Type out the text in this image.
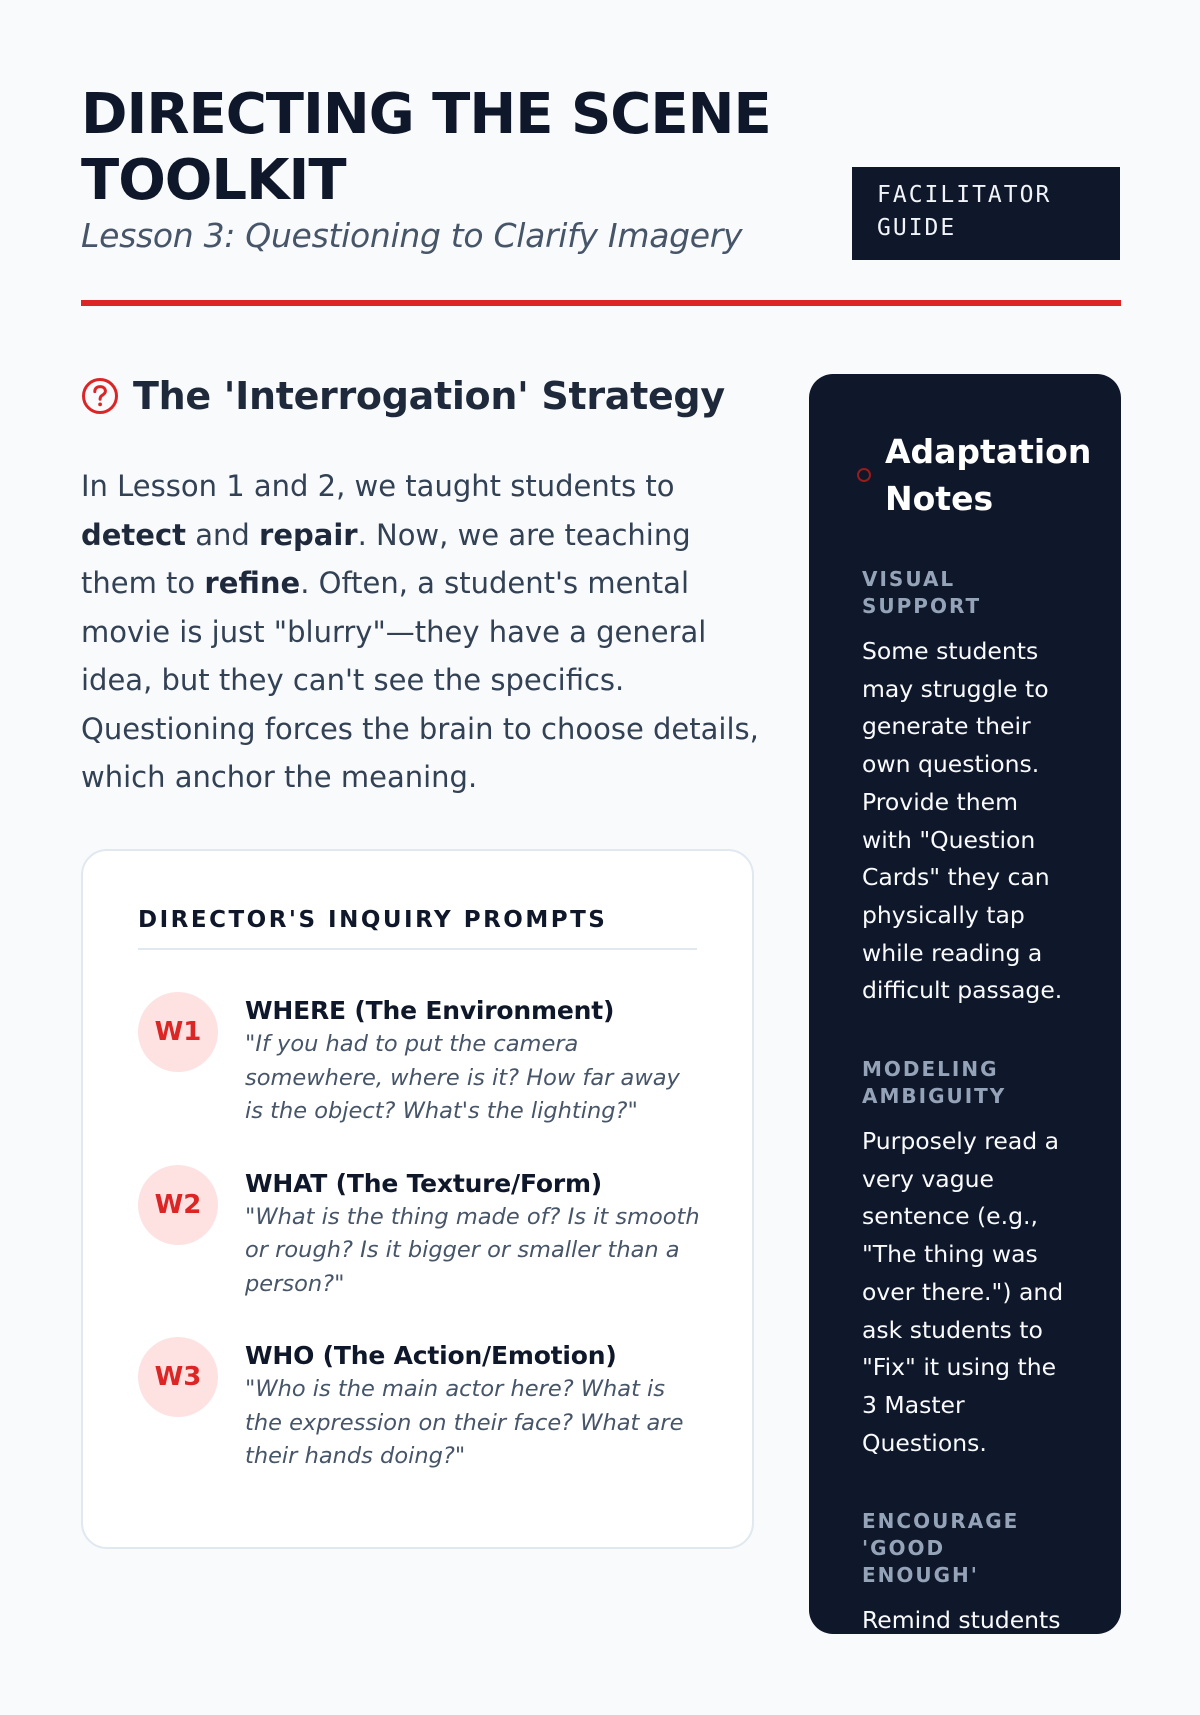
DIRECTING THE SCENE TOOLKIT
Lesson 3: Questioning to Clarify Imagery
FACILITATOR GUIDE
The 'Interrogation' Strategy

In Lesson 1 and 2, we taught students to detect and repair. Now, we are teaching them to refine. Often, a student's mental movie is just "blurry"—they have a general idea, but they can't see the specifics. Questioning forces the brain to choose details, which anchor the meaning.

DIRECTOR'S INQUIRY PROMPTS
W1
WHERE (The Environment)
"If you had to put the camera somewhere, where is it? How far away is the object? What's the lighting?"
W2
WHAT (The Texture/Form)
"What is the thing made of? Is it smooth or rough? Is it bigger or smaller than a person?"
W3
WHO (The Action/Emotion)
"Who is the main actor here? What is the expression on their face? What are their hands doing?"
Adaptation Notes
VISUAL SUPPORT
Some students may struggle to generate their own questions. Provide them with "Question Cards" they can physically tap while reading a difficult passage.
MODELING AMBIGUITY
Purposely read a very vague sentence (e.g., "The thing was over there.") and ask students to "Fix" it using the 3 Master Questions.
ENCOURAGE 'GOOD ENOUGH'
Remind students that if the author doesn't specify
